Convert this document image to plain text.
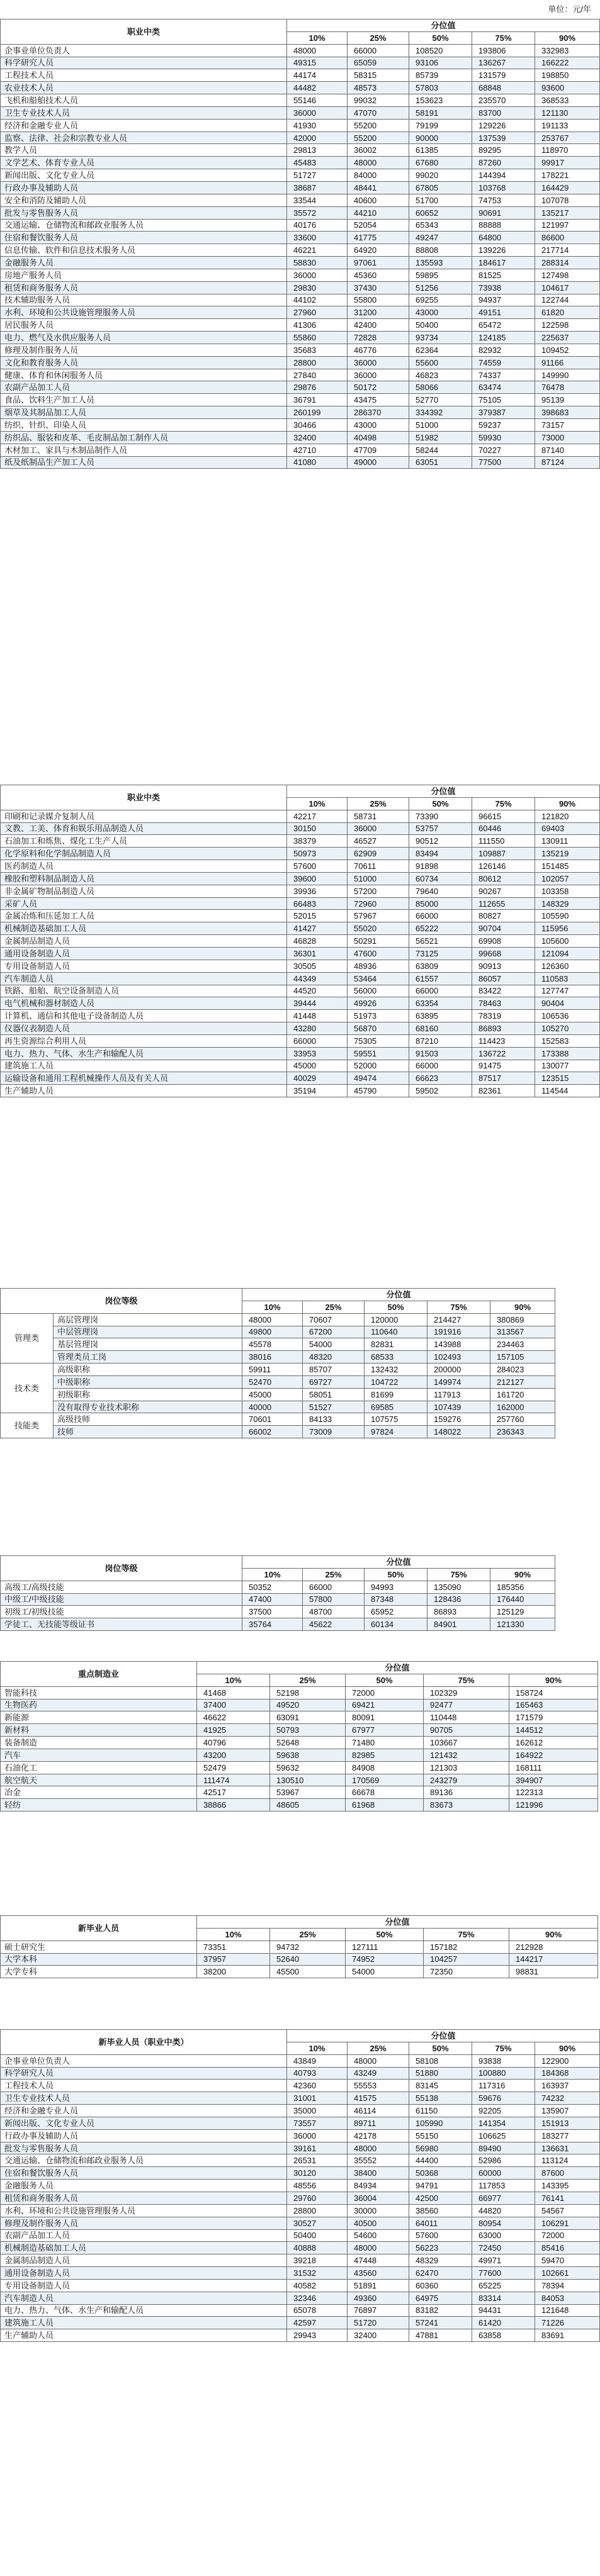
单位：元/年
职业中类	分位值				
	10%	25%	50%	75%	90%
企事业单位负责人	48000	66000	108520	193806	332983
科学研究人员	49315	65059	93106	136267	166222
工程技术人员	44174	58315	85739	131579	198850
农业技术人员	44482	48573	57803	68848	93600
飞机和船舶技术人员	55146	99032	153623	235570	368533
卫生专业技术人员	36000	47070	58191	83700	121130
经济和金融专业人员	41930	55200	79199	129226	191133
监察、法律、社会和宗教专业人员	42000	55200	90000	137539	253767
教学人员	29813	36002	61385	89295	118970
文学艺术、体育专业人员	45483	48000	67680	87260	99917
新闻出版、文化专业人员	51727	84000	99020	144394	178221
行政办事及辅助人员	38687	48441	67805	103768	164429
安全和消防及辅助人员	33544	40600	51700	74753	107078
批发与零售服务人员	35572	44210	60652	90691	135217
交通运输、仓储物流和邮政业服务人员	40176	52054	65343	88888	121997
住宿和餐饮服务人员	33600	41775	49247	64800	86600
信息传输、软件和信息技术服务人员	46221	64920	88808	139226	217714
金融服务人员	58830	97061	135593	184617	288314
房地产服务人员	36000	45360	59895	81525	127498
租赁和商务服务人员	29830	37430	51256	73938	104617
技术辅助服务人员	44102	55800	69255	94937	122744
水利、环境和公共设施管理服务人员	27960	31200	43000	49151	61820
居民服务人员	41306	42400	50400	65472	122598
电力、燃气及水供应服务人员	55860	72828	93734	124185	225637
修理及制作服务人员	35683	46776	62364	82932	109452
文化和教育服务人员	28800	36000	55600	74559	91166
健康、体育和休闲服务人员	27840	36000	46823	74337	149990
农副产品加工人员	29876	50172	58066	63474	76478
食品、饮料生产加工人员	36791	43475	52770	75105	95139
烟草及其制品加工人员	260199	286370	334392	379387	398683
纺织、针织、印染人员	30466	43000	51000	59237	73157
纺织品、服装和皮革、毛皮制品加工制作人员	32400	40498	51982	59930	73000
木材加工、家具与木制品制作人员	42710	47709	58244	70227	87140
纸及纸制品生产加工人员	41080	49000	63051	77500	87124
职业中类	分位值				
	10%	25%	50%	75%	90%
印刷和记录媒介复制人员	42217	58731	73390	96615	121820
文教、工美、体育和娱乐用品制造人员	30150	36000	53757	60446	69403
石油加工和炼焦、煤化工生产人员	38379	46527	90512	111550	130911
化学原料和化学制品制造人员	50973	62909	83494	109887	135219
医药制造人员	57600	70611	91898	126146	151485
橡胶和塑料制品制造人员	39600	51000	60734	80612	102057
非金属矿物制品制造人员	39936	57200	79640	90267	103358
采矿人员	66483	72960	85000	112655	148329
金属冶炼和压延加工人员	52015	57967	66000	80827	105590
机械制造基础加工人员	41427	55020	65222	90704	115956
金属制品制造人员	46828	50291	56521	69908	105600
通用设备制造人员	36301	47600	73125	99668	121094
专用设备制造人员	30505	48936	63809	90913	126360
汽车制造人员	44349	53464	61557	86057	110583
铁路、船舶、航空设备制造人员	44520	56000	66000	83422	127747
电气机械和器材制造人员	39444	49926	63354	78463	90404
计算机、通信和其他电子设备制造人员	41448	51973	63895	78319	106536
仪器仪表制造人员	43280	56870	68160	86893	105270
再生资源综合利用人员	66000	75305	87210	114423	152583
电力、热力、气体、水生产和输配人员	33953	59551	91503	136722	173388
建筑施工人员	45000	52000	66000	91475	130077
运输设备和通用工程机械操作人员及有关人员	40029	49474	66623	87517	123515
生产辅助人员	35194	45790	59502	82361	114544
岗位等级		分位值				
		10%	25%	50%	75%	90%
管理类	高层管理岗	48000	70607	120000	214427	380869
	中层管理岗	49800	67200	110640	191916	313567
	基层管理岗	45578	54000	82831	143988	234463
	管理类员工岗	38016	48320	68533	102493	157105
技术类	高级职称	59911	85707	132432	200000	284023
	中级职称	52470	69727	104722	149974	212127
	初级职称	45000	58051	81699	117913	161720
	没有取得专业技术职称	40000	51527	69585	107439	162000
技能类	高级技师	70601	84133	107575	159276	257760
	技师	66002	73009	97824	148022	236343
岗位等级	分位值				
	10%	25%	50%	75%	90%
高级工/高级技能	50352	66000	94993	135090	185356
中级工/中级技能	47400	57800	87348	128436	176440
初级工/初级技能	37500	48700	65952	86893	125129
学徒工、无技能等级证书	35764	45622	60134	84901	121330
重点制造业	分位值				
	10%	25%	50%	75%	90%
智能科技	41468	52198	72000	102329	158724
生物医药	37400	49520	69421	92477	165463
新能源	46622	63091	80091	110448	171579
新材料	41925	50793	67977	90705	144512
装备制造	40796	52648	71480	103667	162612
汽车	43200	59638	82985	121432	164922
石油化工	52479	59632	84908	121303	168111
航空航天	111474	130510	170569	243279	394907
冶金	42517	53967	66678	89136	122313
轻纺	38866	48605	61968	83673	121996
新毕业人员	分位值				
	10%	25%	50%	75%	90%
硕士研究生	73351	94732	127111	157182	212928
大学本科	37957	52640	74952	104257	144217
大学专科	38200	45500	54000	72350	98831
新毕业人员（职业中类）	分位值				
	10%	25%	50%	75%	90%
企事业单位负责人	43849	48000	58108	93838	122900
科学研究人员	40793	43249	51880	100880	184368
工程技术人员	42360	55553	83145	117316	163937
卫生专业技术人员	31001	41575	55138	59676	74232
经济和金融专业人员	35000	46114	61150	92205	135907
新闻出版、文化专业人员	73557	89711	105990	141354	151913
行政办事及辅助人员	36000	42178	55150	106625	183277
批发与零售服务人员	39161	48000	56980	89490	136631
交通运输、仓储物流和邮政业服务人员	26531	35552	44400	52986	113124
住宿和餐饮服务人员	30120	38400	50368	60000	87600
金融服务人员	48556	84934	94791	117853	143395
租赁和商务服务人员	29760	36004	42500	66977	76141
水利、环境和公共设施管理服务人员	28800	30000	38560	44820	54567
修理及制作服务人员	30527	40500	64011	80954	106291
农副产品加工人员	50400	54600	57600	63000	72000
机械制造基础加工人员	40888	48000	56223	72450	85416
金属制品制造人员	39218	47448	48329	49971	59470
通用设备制造人员	31532	43560	62470	77600	102661
专用设备制造人员	40582	51891	60360	65225	78394
汽车制造人员	32346	49360	64975	83314	84053
电力、热力、气体、水生产和输配人员	65078	76897	83182	94431	121648
建筑施工人员	42597	51720	57241	61420	71226
生产辅助人员	29943	32400	47881	63858	83691
